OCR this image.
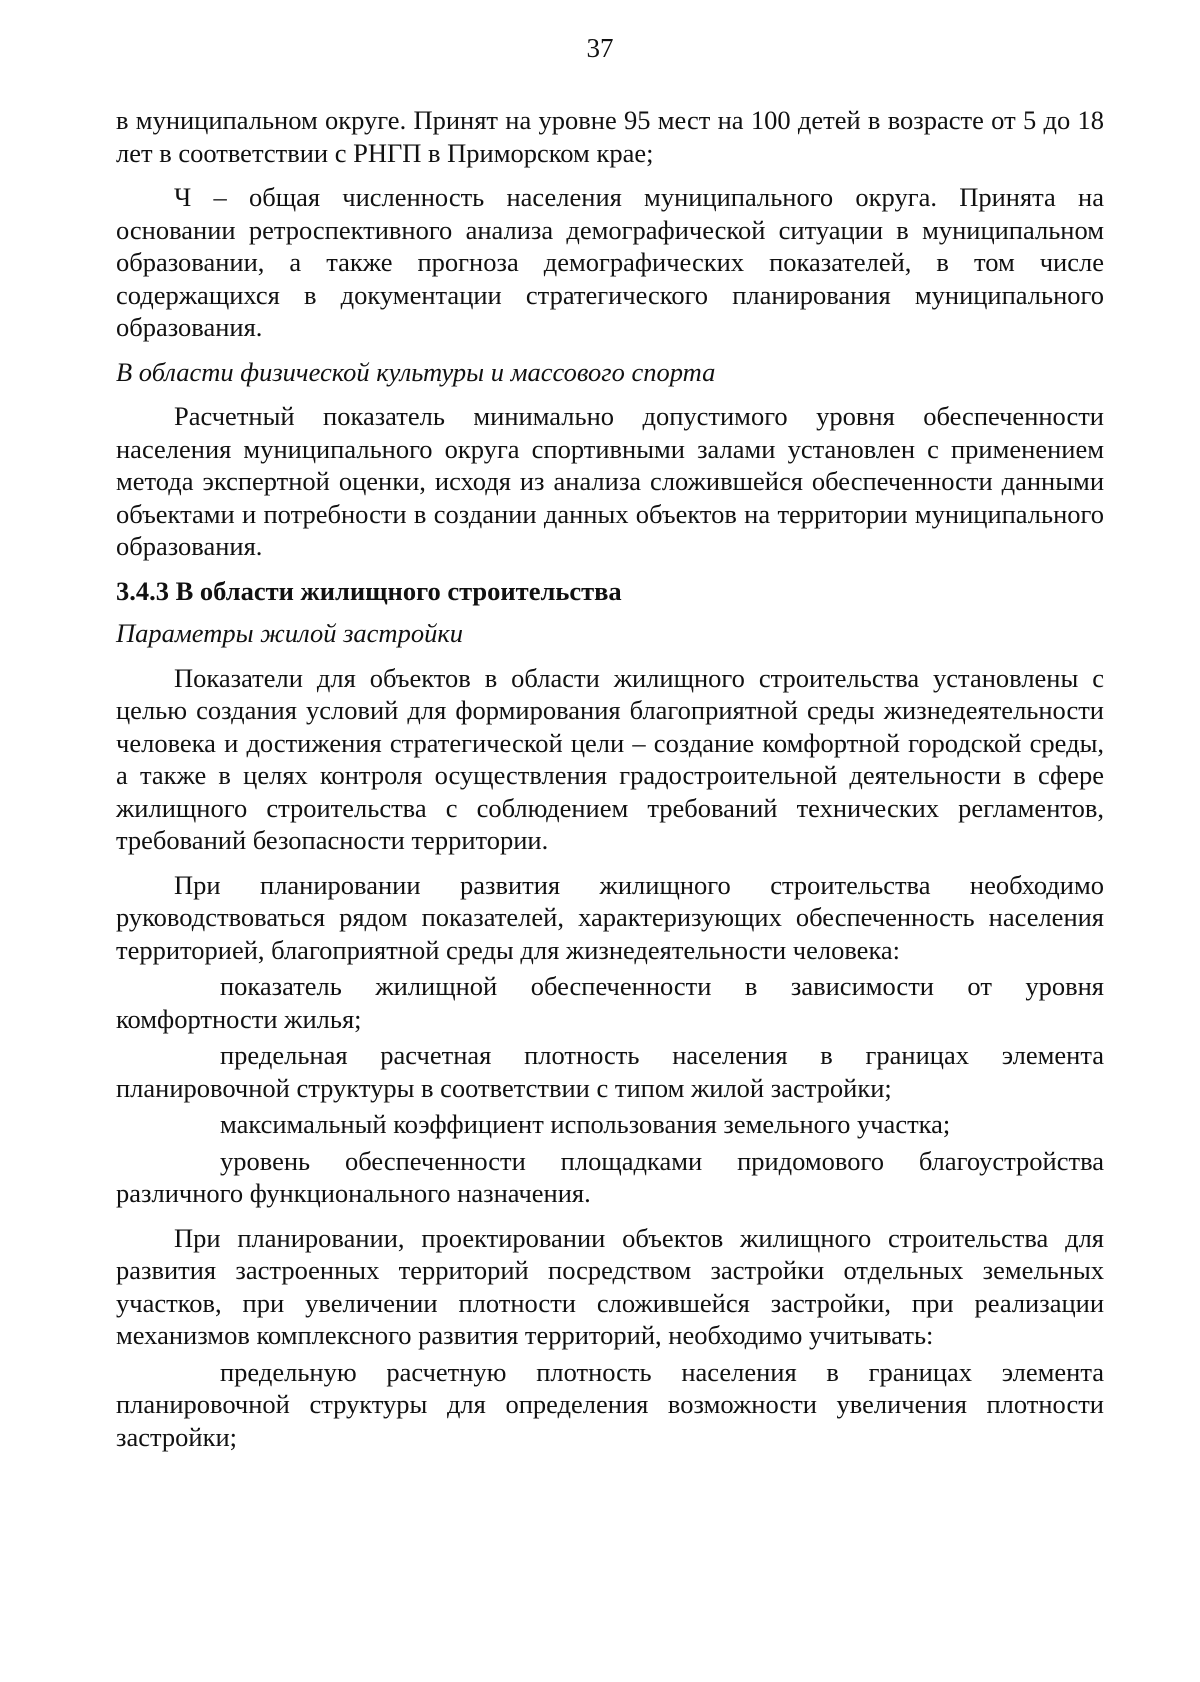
37

в муниципальном округе. Принят на уровне 95 мест на 100 детей в возрасте от 5 до 18 лет в соответствии с РНГП в Приморском крае;

Ч – общая численность населения муниципального округа. Принята на основании ретроспективного анализа демографической ситуации в муниципальном образовании, а также прогноза демографических показателей, в том числе содержащихся в документации стратегического планирования муниципального образования.

В области физической культуры и массового спорта

Расчетный показатель минимально допустимого уровня обеспеченности населения муниципального округа спортивными залами установлен с применением метода экспертной оценки, исходя из анализа сложившейся обеспеченности данными объектами и потребности в создании данных объектов на территории муниципального образования.

3.4.3 В области жилищного строительства

Параметры жилой застройки

Показатели для объектов в области жилищного строительства установлены с целью создания условий для формирования благоприятной среды жизнедеятельности человека и достижения стратегической цели – создание комфортной городской среды, а также в целях контроля осуществления градостроительной деятельности в сфере жилищного строительства с соблюдением требований технических регламентов, требований безопасности территории.

При планировании развития жилищного строительства необходимо руководствоваться рядом показателей, характеризующих обеспеченность населения территорией, благоприятной среды для жизнедеятельности человека:

показатель жилищной обеспеченности в зависимости от уровня комфортности жилья;

предельная расчетная плотность населения в границах элемента планировочной структуры в соответствии с типом жилой застройки;

максимальный коэффициент использования земельного участка;

уровень обеспеченности площадками придомового благоустройства различного функционального назначения.

При планировании, проектировании объектов жилищного строительства для развития застроенных территорий посредством застройки отдельных земельных участков, при увеличении плотности сложившейся застройки, при реализации механизмов комплексного развития территорий, необходимо учитывать:

предельную расчетную плотность населения в границах элемента планировочной структуры для определения возможности увеличения плотности застройки;
